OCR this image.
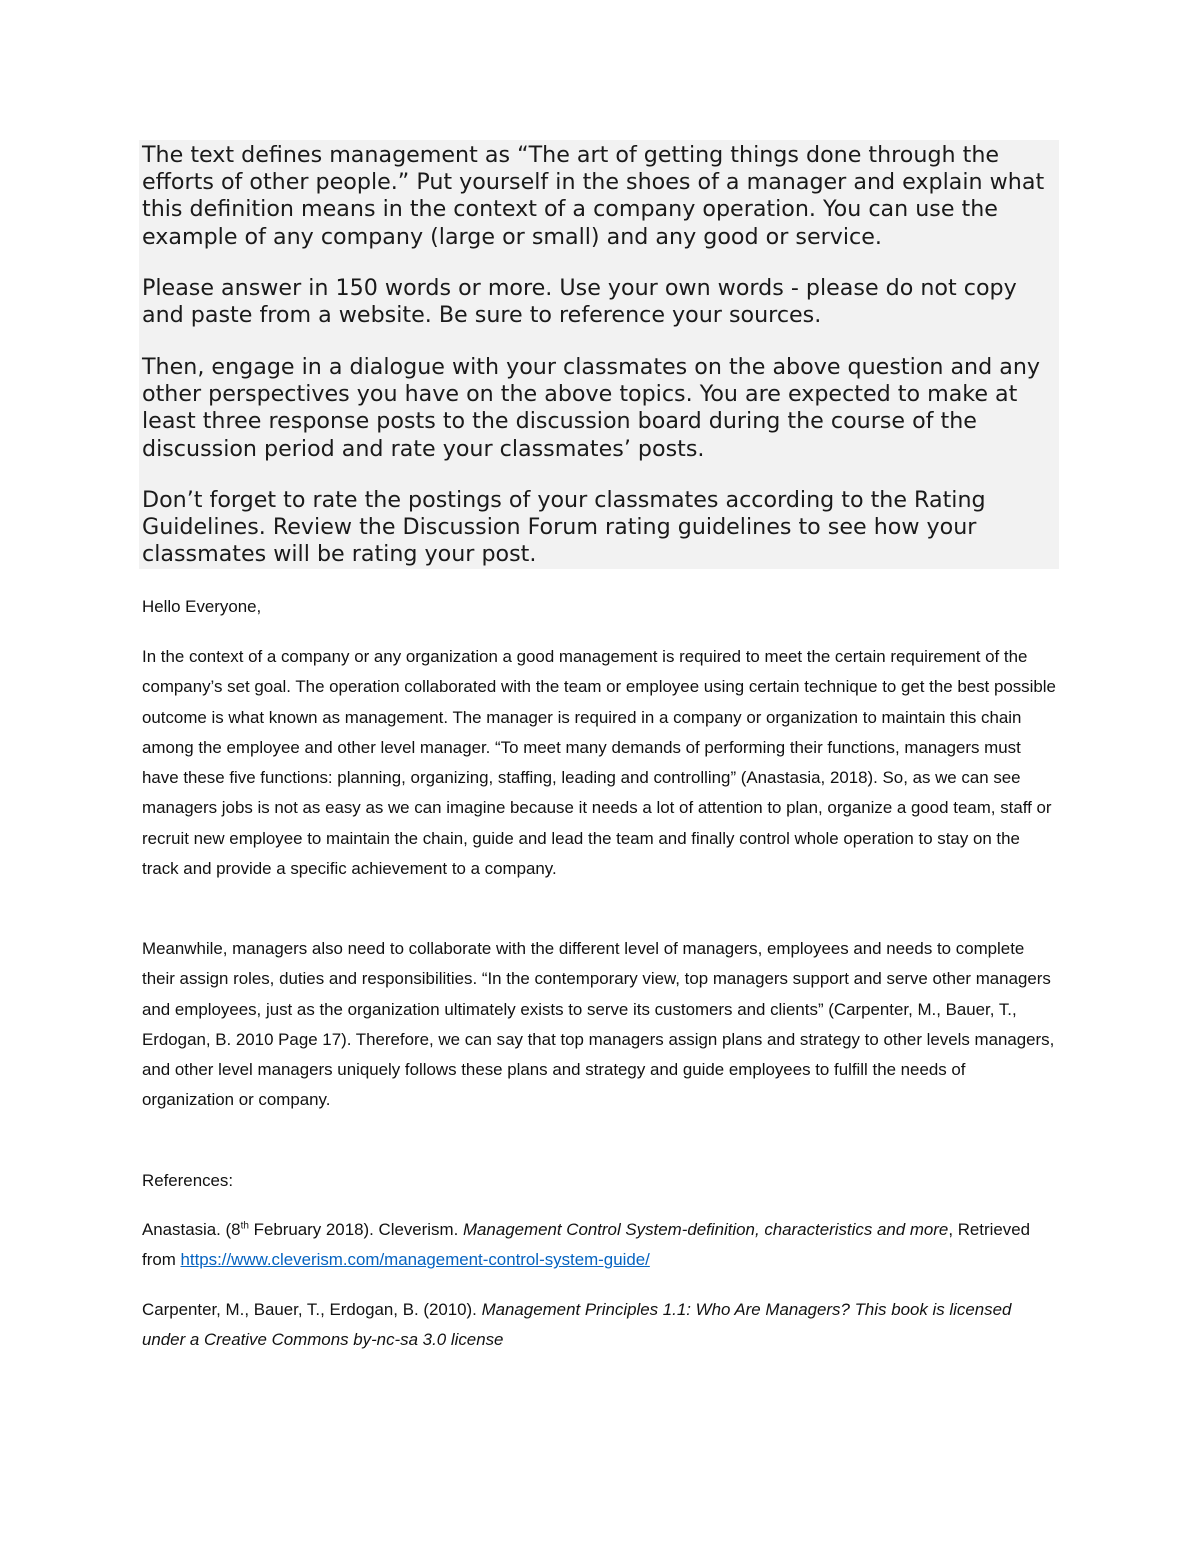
The text defines management as “The art of getting things done through the efforts of other people.” Put yourself in the shoes of a manager and explain what this definition means in the context of a company operation. You can use the example of any company (large or small) and any good or service.

Please answer in 150 words or more. Use your own words - please do not copy and paste from a website. Be sure to reference your sources.

Then, engage in a dialogue with your classmates on the above question and any other perspectives you have on the above topics. You are expected to make at least three response posts to the discussion board during the course of the discussion period and rate your classmates’ posts.

Don’t forget to rate the postings of your classmates according to the Rating Guidelines. Review the Discussion Forum rating guidelines to see how your classmates will be rating your post.

Hello Everyone,

In the context of a company or any organization a good management is required to meet the certain requirement of the company’s set goal. The operation collaborated with the team or employee using certain technique to get the best possible outcome is what known as management. The manager is required in a company or organization to maintain this chain among the employee and other level manager. “To meet many demands of performing their functions, managers must have these five functions: planning, organizing, staffing, leading and controlling” (Anastasia, 2018). So, as we can see managers jobs is not as easy as we can imagine because it needs a lot of attention to plan, organize a good team, staff or recruit new employee to maintain the chain, guide and lead the team and finally control whole operation to stay on the track and provide a specific achievement to a company.

Meanwhile, managers also need to collaborate with the different level of managers, employees and needs to complete their assign roles, duties and responsibilities. “In the contemporary view, top managers support and serve other managers and employees, just as the organization ultimately exists to serve its customers and clients” (Carpenter, M., Bauer, T., Erdogan, B. 2010 Page 17). Therefore, we can say that top managers assign plans and strategy to other levels managers, and other level managers uniquely follows these plans and strategy and guide employees to fulfill the needs of organization or company.

References:

Anastasia. (8th February 2018). Cleverism. Management Control System-definition, characteristics and more, Retrieved from https://www.cleverism.com/management-control-system-guide/

Carpenter, M., Bauer, T., Erdogan, B. (2010). Management Principles 1.1: Who Are Managers? This book is licensed under a Creative Commons by-nc-sa 3.0 license
